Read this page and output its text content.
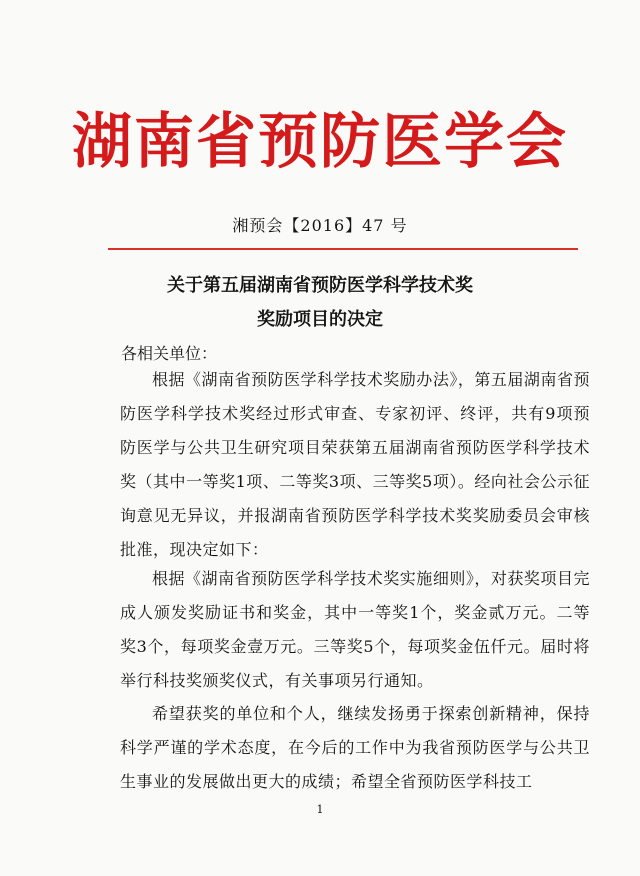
湖南省预防医学会
湘预会【2016】47 号
关于第五届湖南省预防医学科学技术奖
奖励项目的决定
各相关单位：

根据《湖南省预防医学科学技术奖励办法》，第五届湖南省预防医学科学技术奖经过形式审查、专家初评、终评，共有9项预防医学与公共卫生研究项目荣获第五届湖南省预防医学科学技术奖（其中一等奖1项、二等奖3项、三等奖5项）。经向社会公示征询意见无异议，并报湖南省预防医学科学技术奖奖励委员会审核批准，现决定如下：

根据《湖南省预防医学科学技术奖实施细则》，对获奖项目完成人颁发奖励证书和奖金，其中一等奖1个，奖金贰万元。二等奖3个，每项奖金壹万元。三等奖5个，每项奖金伍仟元。届时将举行科技奖颁奖仪式，有关事项另行通知。

希望获奖的单位和个人，继续发扬勇于探索创新精神，保持科学严谨的学术态度，在今后的工作中为我省预防医学与公共卫生事业的发展做出更大的成绩；希望全省预防医学科技工

1
